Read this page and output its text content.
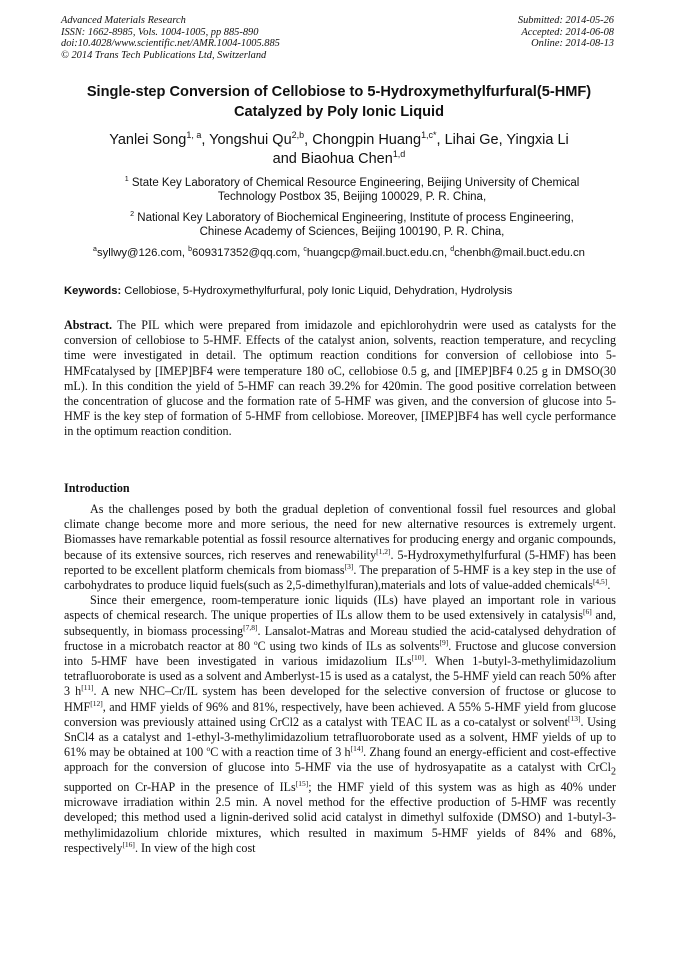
Advanced Materials Research
ISSN: 1662-8985, Vols. 1004-1005, pp 885-890
doi:10.4028/www.scientific.net/AMR.1004-1005.885
© 2014 Trans Tech Publications Ltd, Switzerland
Submitted: 2014-05-26
Accepted: 2014-06-08
Online: 2014-08-13
Single-step Conversion of Cellobiose to 5-Hydroxymethylfurfural(5-HMF)
Catalyzed by Poly Ionic Liquid
Yanlei Song$^{1, a}$, Yongshui Qu$^{2,b}$, Chongpin Huang$^{1,c*}$, Lihai Ge, Yingxia Li
and Biaohua Chen$^{1,d}$
$^1$ State Key Laboratory of Chemical Resource Engineering, Beijing University of Chemical
Technology Postbox 35, Beijing 100029, P. R. China,
$^2$ National Key Laboratory of Biochemical Engineering, Institute of process Engineering,
Chinese Academy of Sciences, Beijing 100190, P. R. China,
$^a$syllwy@126.com, $^b$609317352@qq.com, $^c$huangcp@mail.buct.edu.cn, $^d$chenbh@mail.buct.edu.cn
Keywords: Cellobiose, 5-Hydroxymethylfurfural, poly Ionic Liquid, Dehydration, Hydrolysis
Abstract. The PIL which were prepared from imidazole and epichlorohydrin were used as catalysts for the conversion of cellobiose to 5-HMF. Effects of the catalyst anion, solvents, reaction temperature, and recycling time were investigated in detail. The optimum reaction conditions for conversion of cellobiose into 5-HMFcatalysed by [IMEP]BF4 were temperature 180 oC, cellobiose 0.5 g, and [IMEP]BF4 0.25 g in DMSO(30 mL). In this condition the yield of 5-HMF can reach 39.2% for 420min. The good positive correlation between the concentration of glucose and the formation rate of 5-HMF was given, and the conversion of glucose into 5-HMF is the key step of formation of 5-HMF from cellobiose. Moreover, [IMEP]BF4 has well cycle performance in the optimum reaction condition.
Introduction

As the challenges posed by both the gradual depletion of conventional fossil fuel resources and global climate change become more and more serious, the need for new alternative resources is extremely urgent. Biomasses have remarkable potential as fossil resource alternatives for producing energy and organic compounds, because of its extensive sources, rich reserves and renewability[1,2]. 5-Hydroxymethylfurfural (5-HMF) has been reported to be excellent platform chemicals from biomass[3]. The preparation of 5-HMF is a key step in the use of carbohydrates to produce liquid fuels(such as 2,5-dimethylfuran),materials and lots of value-added chemicals[4,5].

Since their emergence, room-temperature ionic liquids (ILs) have played an important role in various aspects of chemical research. The unique properties of ILs allow them to be used extensively in catalysis[6] and, subsequently, in biomass processing[7,8]. Lansalot-Matras and Moreau studied the acid-catalysed dehydration of fructose in a microbatch reactor at 80 $^o$C using two kinds of ILs as solvents[9]. Fructose and glucose conversion into 5-HMF have been investigated in various imidazolium ILs[10]. When 1-butyl-3-methylimidazolium tetrafluoroborate is used as a solvent and Amberlyst-15 is used as a catalyst, the 5-HMF yield can reach 50% after 3 h[11]. A new NHC–Cr/IL system has been developed for the selective conversion of fructose or glucose to HMF[12], and HMF yields of 96% and 81%, respectively, have been achieved. A 55% 5-HMF yield from glucose conversion was previously attained using CrCl2 as a catalyst with TEAC IL as a co-catalyst or solvent[13]. Using SnCl4 as a catalyst and 1-ethyl-3-methylimidazolium tetrafluoroborate used as a solvent, HMF yields of up to 61% may be obtained at 100 $^o$C with a reaction time of 3 h[14]. Zhang found an energy-efficient and cost-effective approach for the conversion of glucose into 5-HMF via the use of hydrosyapatite as a catalyst with CrCl$_2$ supported on Cr-HAP in the presence of ILs[15]; the HMF yield of this system was as high as 40% under microwave irradiation within 2.5 min. A novel method for the effective production of 5-HMF was recently developed; this method used a lignin-derived solid acid catalyst in dimethyl sulfoxide (DMSO) and 1-butyl-3-methylimidazolium chloride mixtures, which resulted in maximum 5-HMF yields of 84% and 68%, respectively[16]. In view of the high cost
